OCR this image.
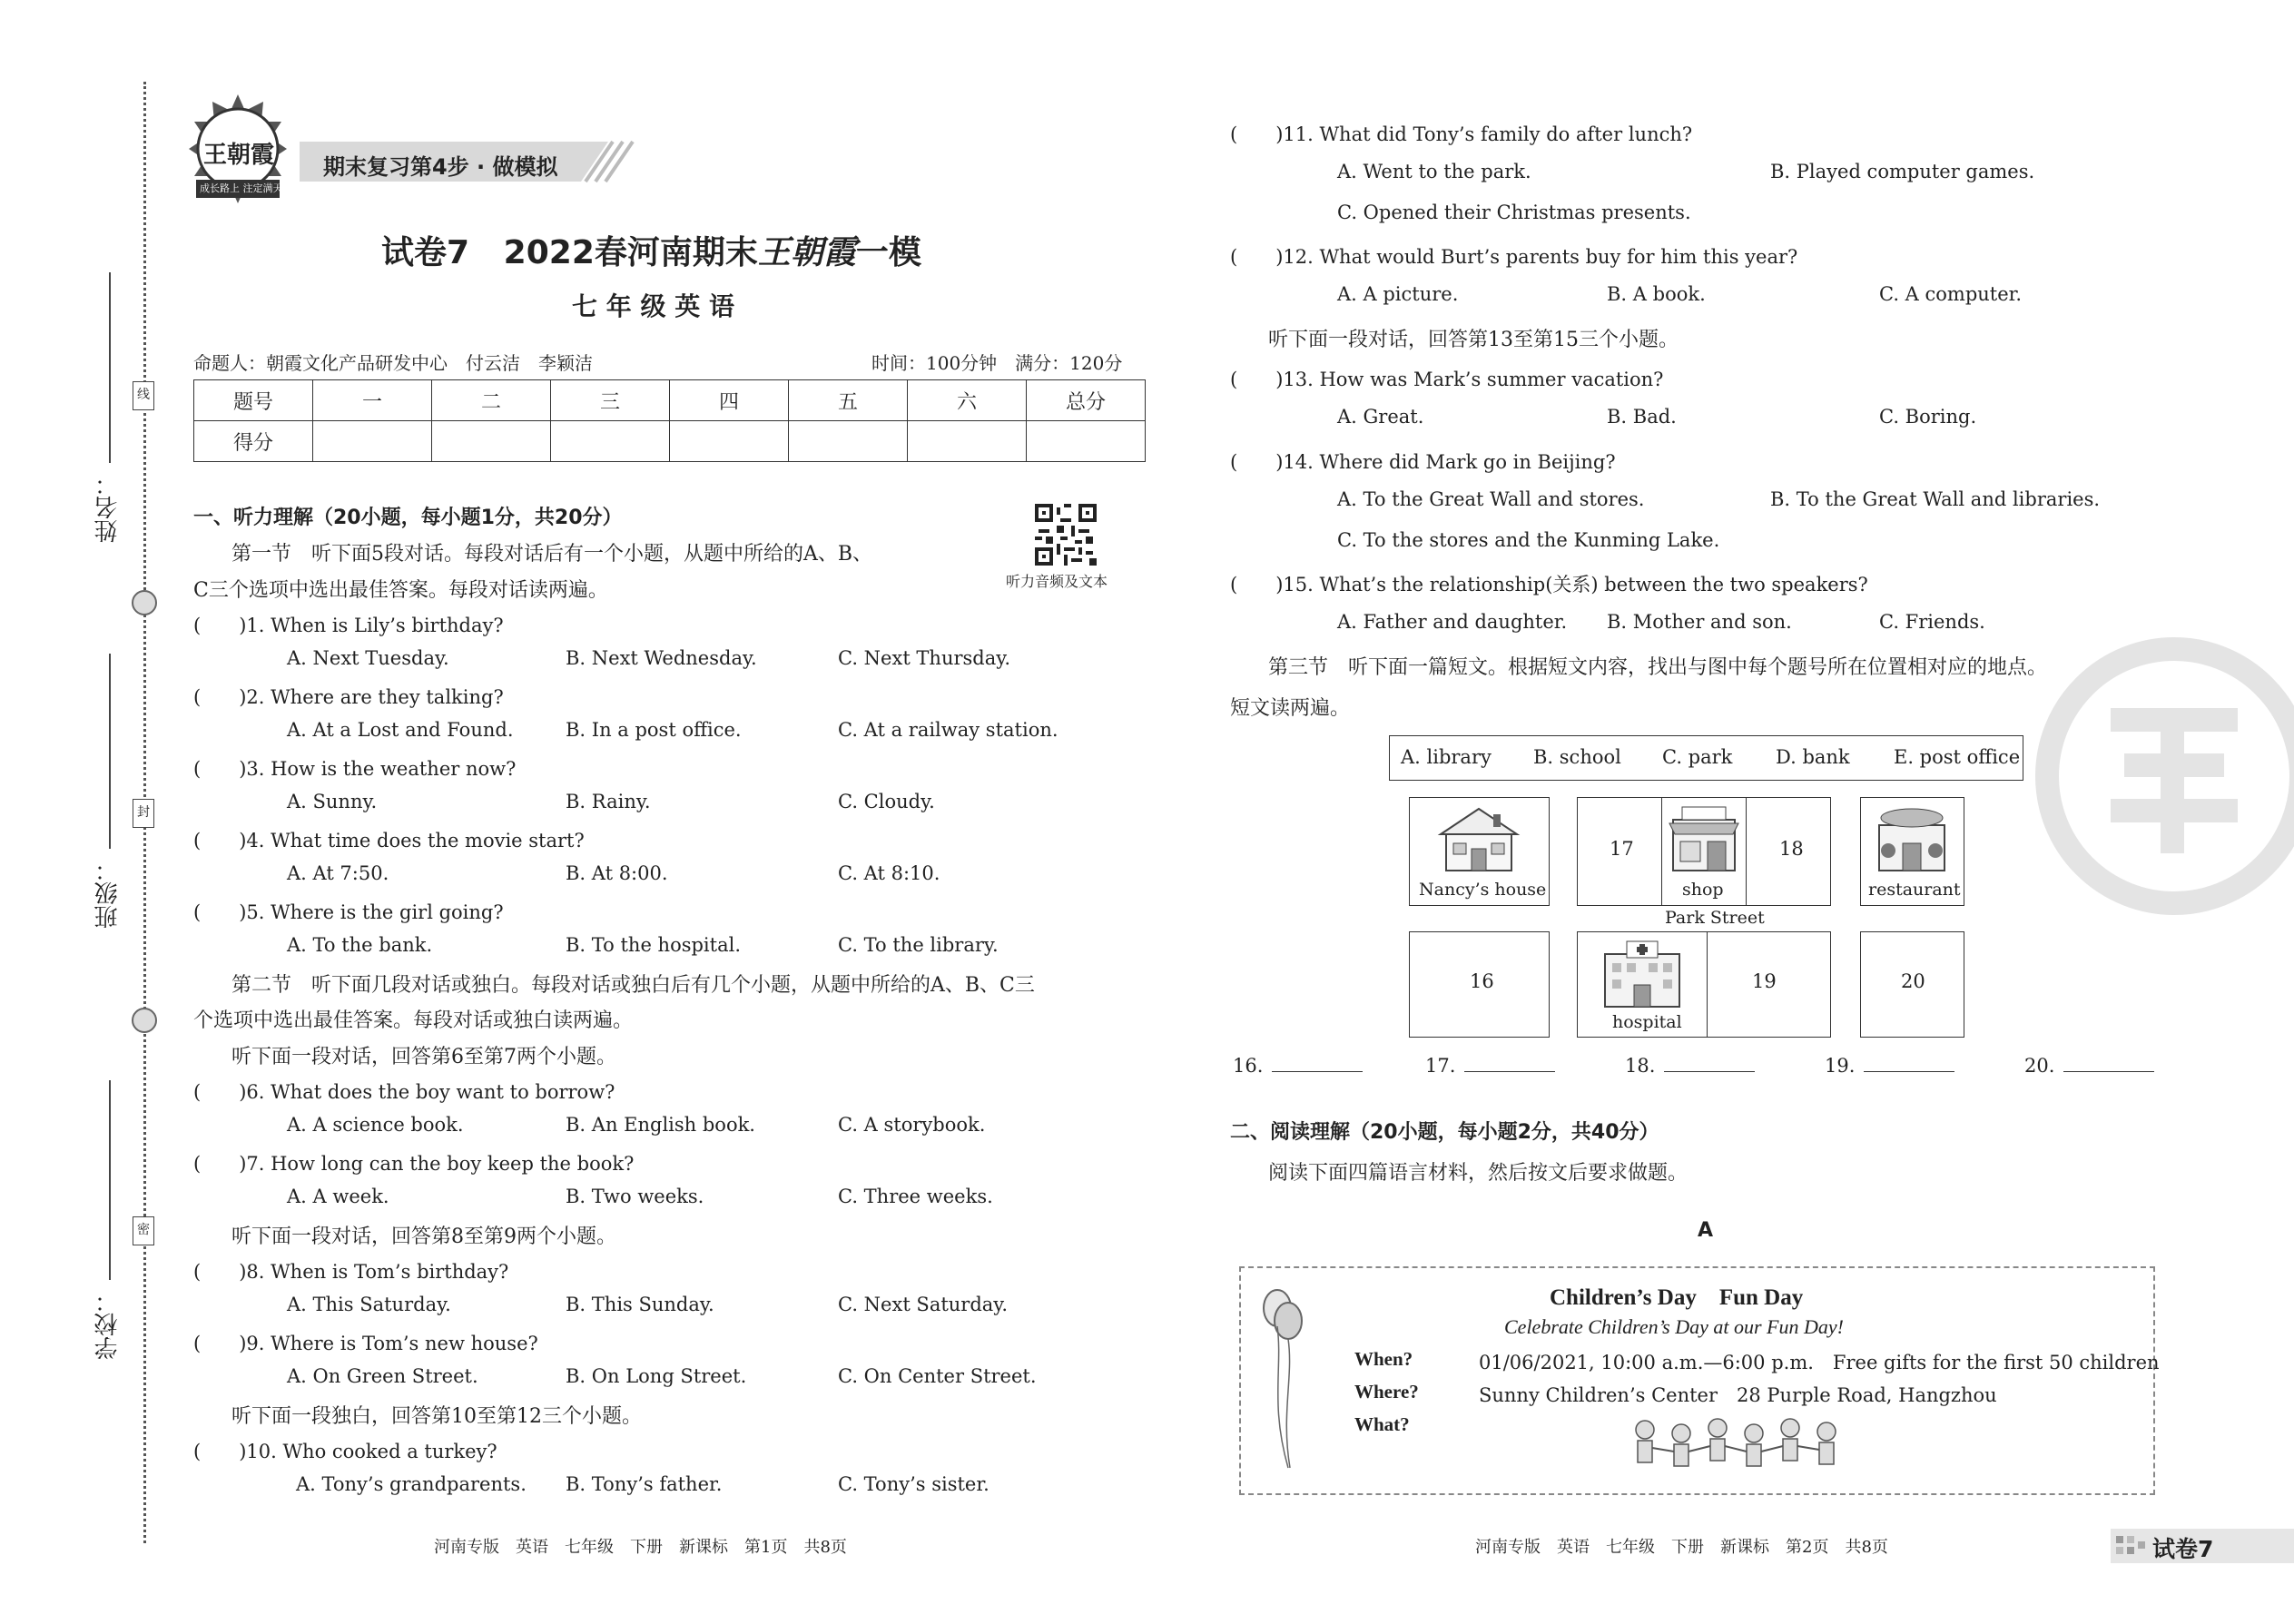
线
封
密
姓名：
班级：
学校：
王朝霞
成长路上 注定满天
期末复习第4步 · 做模拟
试卷7 2022春河南期末王朝霞一模
七 年 级 英 语
命题人：朝霞文化产品研发中心　付云洁　李颖洁	时间：100分钟　满分：120分
题号	一	二	三	四	五	六	总分
得分							
听力音频及文本
一、听力理解（20小题，每小题1分，共20分）
第一节　听下面5段对话。每段对话后有一个小题，从题中所给的A、B、
C三个选项中选出最佳答案。每段对话读两遍。
(　　)1. When is Lily’s birthday?
A. Next Tuesday.	B. Next Wednesday.	C. Next Thursday.
(　　)2. Where are they talking?
A. At a Lost and Found.	B. In a post office.	C. At a railway station.
(　　)3. How is the weather now?
A. Sunny.	B. Rainy.	C. Cloudy.
(　　)4. What time does the movie start?
A. At 7:50.	B. At 8:00.	C. At 8:10.
(　　)5. Where is the girl going?
A. To the bank.	B. To the hospital.	C. To the library.
第二节　听下面几段对话或独白。每段对话或独白后有几个小题，从题中所给的A、B、C三
个选项中选出最佳答案。每段对话或独白读两遍。
听下面一段对话，回答第6至第7两个小题。
(　　)6. What does the boy want to borrow?
A. A science book.	B. An English book.	C. A storybook.
(　　)7. How long can the boy keep the book?
A. A week.	B. Two weeks.	C. Three weeks.
听下面一段对话，回答第8至第9两个小题。
(　　)8. When is Tom’s birthday?
A. This Saturday.	B. This Sunday.	C. Next Saturday.
(　　)9. Where is Tom’s new house?
A. On Green Street.	B. On Long Street.	C. On Center Street.
听下面一段独白，回答第10至第12三个小题。
(　　)10. Who cooked a turkey?
A. Tony’s grandparents. B. Tony’s father.	C. Tony’s sister.
(　　)11. What did Tony’s family do after lunch?
A. Went to the park.	B. Played computer games.
C. Opened their Christmas presents.
(　　)12. What would Burt’s parents buy for him this year?
A. A picture.	B. A book.	C. A computer.
听下面一段对话，回答第13至第15三个小题。
(　　)13. How was Mark’s summer vacation?
A. Great.	B. Bad.	C. Boring.
(　　)14. Where did Mark go in Beijing?
A. To the Great Wall and stores.	B. To the Great Wall and libraries.
C. To the stores and the Kunming Lake.
(　　)15. What’s the relationship(关系) between the two speakers?
A. Father and daughter. B. Mother and son.	C. Friends.
第三节　听下面一篇短文。根据短文内容，找出与图中每个题号所在位置相对应的地点。
短文读两遍。
A. library B. school C. park D. bank E. post office
Nancy’s house
17
shop
18
restaurant
Park Street
16
hospital
19	20
16.	17.	18.	19.	20.
二、阅读理解（20小题，每小题2分，共40分）
阅读下面四篇语言材料，然后按文后要求做题。
A
Children’s Day　Fun Day
Celebrate Children’s Day at our Fun Day!
When?	01/06/2021, 10:00 a.m.—6:00 p.m.　Free gifts for the first 50 children
Where?	Sunny Children’s Center　28 Purple Road, Hangzhou
What?
河南专版　英语　七年级　下册　新课标　第1页　共8页	河南专版　英语　七年级　下册　新课标　第2页　共8页	试卷7
